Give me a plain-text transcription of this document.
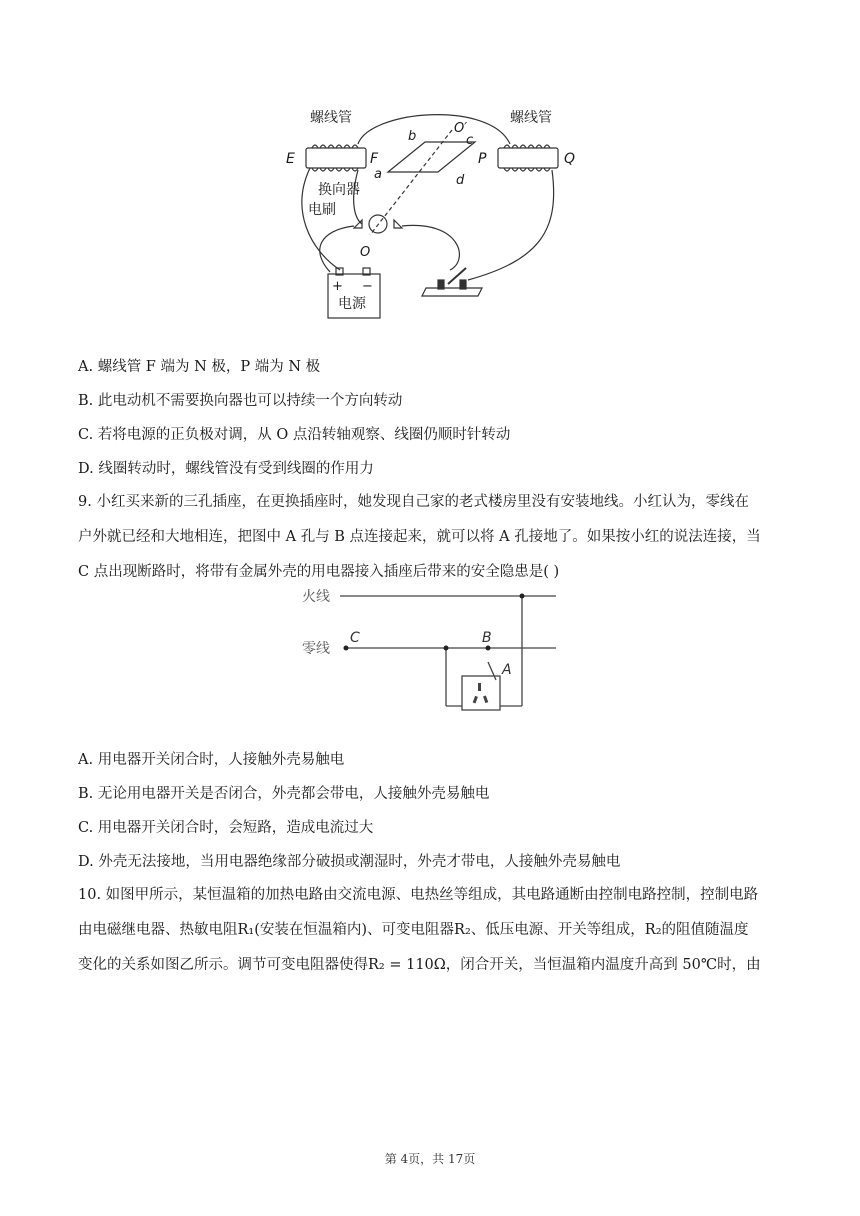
螺线管	螺线管
E	F	P	Q
a
b	c
d
O′
O
换向器
电刷
+ −
电源
A. 螺线管 F 端为 N 极，P 端为 N 极
B. 此电动机不需要换向器也可以持续一个方向转动
C. 若将电源的正负极对调，从 O 点沿转轴观察、线圈仍顺时针转动
D. 线圈转动时，螺线管没有受到线圈的作用力
9. 小红买来新的三孔插座，在更换插座时，她发现自己家的老式楼房里没有安装地线。小红认为，零线在
户外就已经和大地相连，把图中 A 孔与 B 点连接起来，就可以将 A 孔接地了。如果按小红的说法连接，当
C 点出现断路时，将带有金属外壳的用电器接入插座后带来的安全隐患是( )
火线
零线
C	B
A
A. 用电器开关闭合时，人接触外壳易触电
B. 无论用电器开关是否闭合，外壳都会带电，人接触外壳易触电
C. 用电器开关闭合时，会短路，造成电流过大
D. 外壳无法接地，当用电器绝缘部分破损或潮湿时，外壳才带电，人接触外壳易触电
10. 如图甲所示，某恒温箱的加热电路由交流电源、电热丝等组成，其电路通断由控制电路控制，控制电路
由电磁继电器、热敏电阻R₁(安装在恒温箱内)、可变电阻器R₂、低压电源、开关等组成，R₂的阻值随温度
变化的关系如图乙所示。调节可变电阻器使得R₂ = 110Ω，闭合开关，当恒温箱内温度升高到 50℃时，由
第 4页，共 17页
